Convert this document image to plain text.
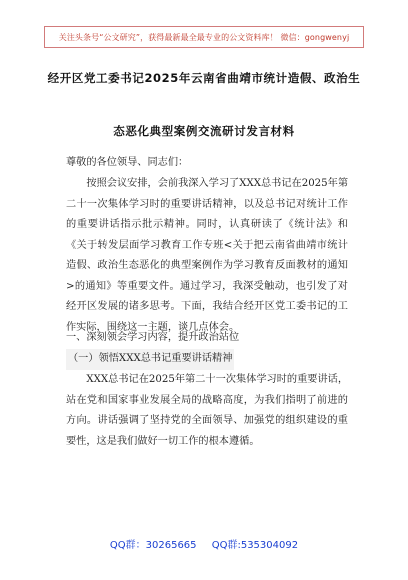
关注头条号“公文研究”，获得最新最全最专业的公文资料库！ 微信：gongwenyj
经开区党工委书记2025年云南省曲靖市统计造假、政治生
态恶化典型案例交流研讨发言材料

尊敬的各位领导、同志们：

按照会议安排，会前我深入学习了XXX总书记在2025年第二十一次集体学习时的重要讲话精神，以及总书记对统计工作的重要讲话指示批示精神。同时，认真研读了《统计法》和《关于转发层面学习教育工作专班<关于把云南省曲靖市统计造假、政治生态恶化的典型案例作为学习教育反面教材的通知>的通知》等重要文件。通过学习，我深受触动，也引发了对经开区发展的诸多思考。下面，我结合经开区党工委书记的工作实际，围绕这一主题，谈几点体会。

一、深刻领会学习内容，提升政治站位

（一）领悟XXX总书记重要讲话精神

XXX总书记在2025年第二十一次集体学习时的重要讲话，站在党和国家事业发展全局的战略高度，为我们指明了前进的方向。讲话强调了坚持党的全面领导、加强党的组织建设的重要性，这是我们做好一切工作的根本遵循。

QQ群：30265665 QQ群:535304092
